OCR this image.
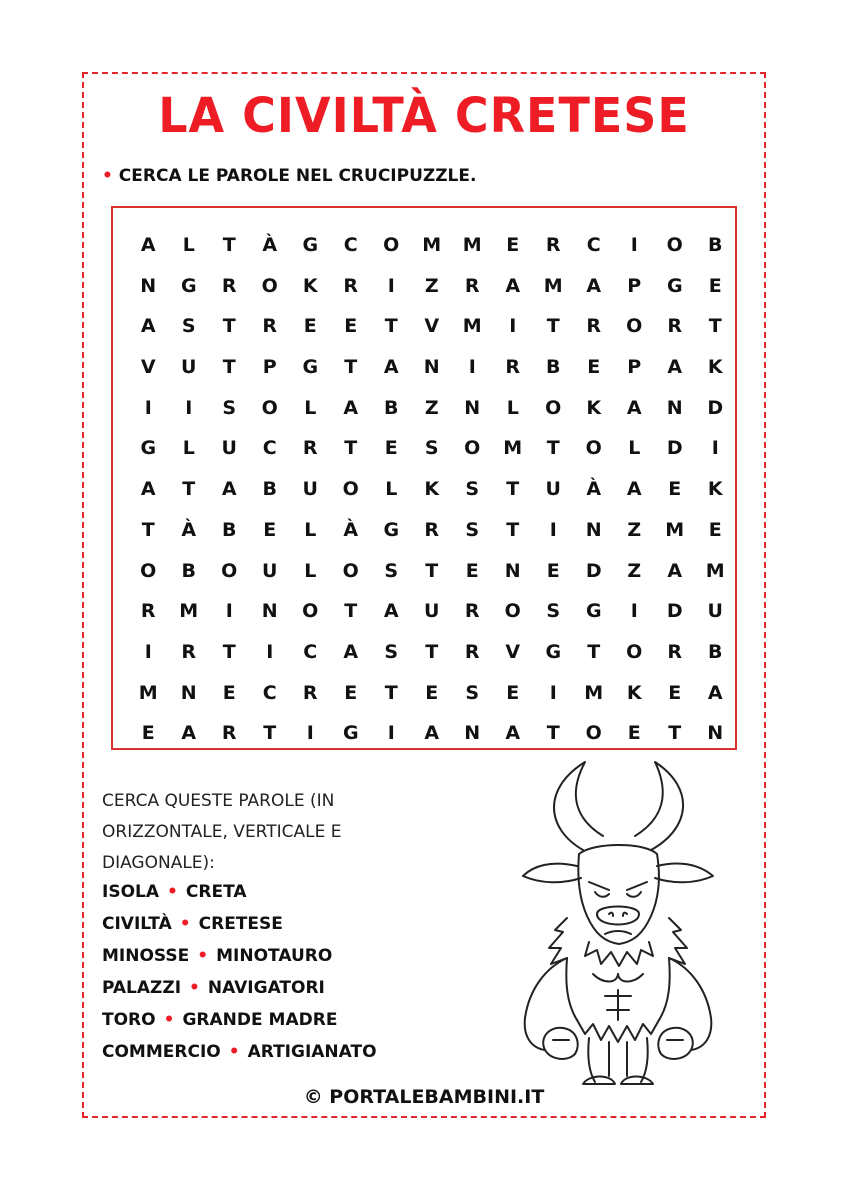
LA CIVILTÀ CRETESE
• CERCA LE PAROLE NEL CRUCIPUZZLE.
A	L	T	À	G	C	O	M	M	E	R	C	I	O	B
N	G	R	O	K	R	I	Z	R	A	M	A	P	G	E
A	S	T	R	E	E	T	V	M	I	T	R	O	R	T
V	U	T	P	G	T	A	N	I	R	B	E	P	A	K
I	I	S	O	L	A	B	Z	N	L	O	K	A	N	D
G	L	U	C	R	T	E	S	O	M	T	O	L	D	I
A	T	A	B	U	O	L	K	S	T	U	À	A	E	K
T	À	B	E	L	À	G	R	S	T	I	N	Z	M	E
O	B	O	U	L	O	S	T	E	N	E	D	Z	A	M
R	M	I	N	O	T	A	U	R	O	S	G	I	D	U
I	R	T	I	C	A	S	T	R	V	G	T	O	R	B
M	N	E	C	R	E	T	E	S	E	I	M	K	E	A
E	A	R	T	I	G	I	A	N	A	T	O	E	T	N
CERCA QUESTE PAROLE (IN ORIZZONTALE, VERTICALE E DIAGONALE):
ISOLA • CRETA
CIVILTÀ • CRETESE
MINOSSE • MINOTAURO
PALAZZI • NAVIGATORI
TORO • GRANDE MADRE
COMMERCIO • ARTIGIANATO
© PORTALEBAMBINI.IT
